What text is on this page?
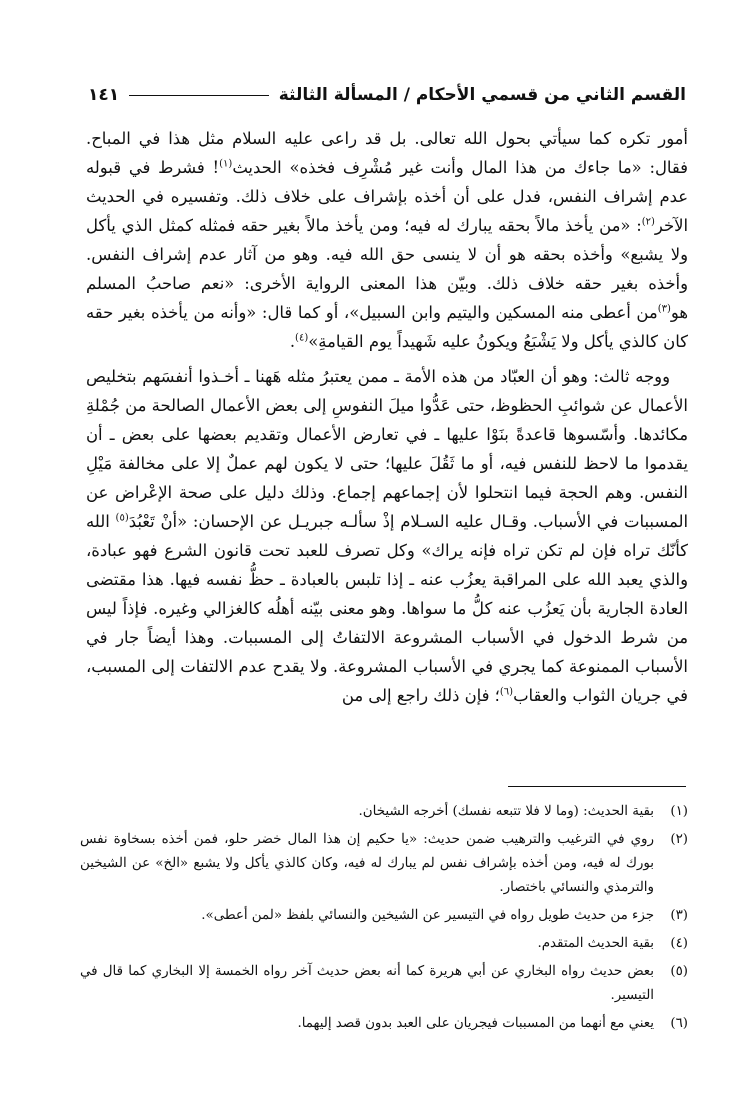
القسم الثاني من قسمي الأحكام / المسألة الثالثة
١٤١

أمور تكره كما سيأتي بحول الله تعالى. بل قد راعى عليه السلام مثل هذا في المباح. فقال: «ما جاءك من هذا المال وأنت غير مُشْرِف فخذه» الحديث$^{(١)}$! فشرط في قبوله عدم إشراف النفس، فدل على أن أخذه بإشراف على خلاف ذلك. وتفسيره في الحديث الآخر$^{(٢)}$: «من يأخذ مالاً بحقه يبارك له فيه؛ ومن يأخذ مالاً بغير حقه فمثله كمثل الذي يأكل ولا يشبع» وأخذه بحقه هو أن لا ينسى حق الله فيه. وهو من آثار عدم إشراف النفس. وأخذه بغير حقه خلاف ذلك. وبيّن هذا المعنى الرواية الأخرى: «نعم صاحبُ المسلم هو$^{(٣)}$من أعطى منه المسكين واليتيم وابن السبيل»، أو كما قال: «وأنه من يأخذه بغير حقه كان كالذي يأكل ولا يَشْبَعُ ويكونُ عليه شَهيداً يوم القيامةِ»$^{(٤)}$.

ووجه ثالث: وهو أن العبّاد من هذه الأمة ـ ممن يعتبرُ مثله هَهنا ـ أخـذوا أنفسَهم بتخليص الأعمال عن شوائبِ الحظوظ، حتى عَدُّوا ميلَ النفوسِ إلى بعض الأعمال الصالحة من جُمْلةِ مكائدها. وأسّسوها قاعدةً بنَوْا عليها ـ في تعارض الأعمال وتقديم بعضها على بعض ـ أن يقدموا ما لاحظ للنفس فيه، أو ما ثَقُلَ عليها؛ حتى لا يكون لهم عملٌ إلا على مخالفة مَيْلِ النفس. وهم الحجة فيما انتحلوا لأن إجماعهم إجماع. وذلك دليل على صحة الإعْراض عن المسببات في الأسباب. وقـال عليه السـلام إذْ سألـه جبريـل عن الإحسان: «أنْ تَعْبُدَ$^{(٥)}$ الله كأنّك تراه فإن لم تكن تراه فإنه يراك» وكل تصرف للعبد تحت قانون الشرع فهو عبادة، والذي يعبد الله على المراقبة يعزُب عنه ـ إذا تلبس بالعبادة ـ حظُّ نفسه فيها. هذا مقتضى العادة الجارية بأن يَعزُب عنه كلُّ ما سواها. وهو معنى بيّنه أهلُه كالغزالي وغيره. فإذاً ليس من شرط الدخول في الأسباب المشروعة الالتفاتُ إلى المسببات. وهذا أيضاً جار في الأسباب الممنوعة كما يجري في الأسباب المشروعة. ولا يقدح عدم الالتفات إلى المسبب، في جريان الثواب والعقاب$^{(٦)}$؛ فإن ذلك راجع إلى من

(١)
بقية الحديث: (وما لا فلا تتبعه نفسك) أخرجه الشيخان.
(٢)
روي في الترغيب والترهيب ضمن حديث: «يا حكيم إن هذا المال خضر حلو، فمن أخذه بسخاوة نفس بورك له فيه، ومن أخذه بإشراف نفس لم يبارك له فيه، وكان كالذي يأكل ولا يشبع «الخ» عن الشيخين والترمذي والنسائي باختصار.
(٣)
جزء من حديث طويل رواه في التيسير عن الشيخين والنسائي بلفظ «لمن أعطى».
(٤)
بقية الحديث المتقدم.
(٥)
بعض حديث رواه البخاري عن أبي هريرة كما أنه بعض حديث آخر رواه الخمسة إلا البخاري كما قال في التيسير.
(٦)
يعني مع أنهما من المسببات فيجريان على العبد بدون قصد إليهما.
